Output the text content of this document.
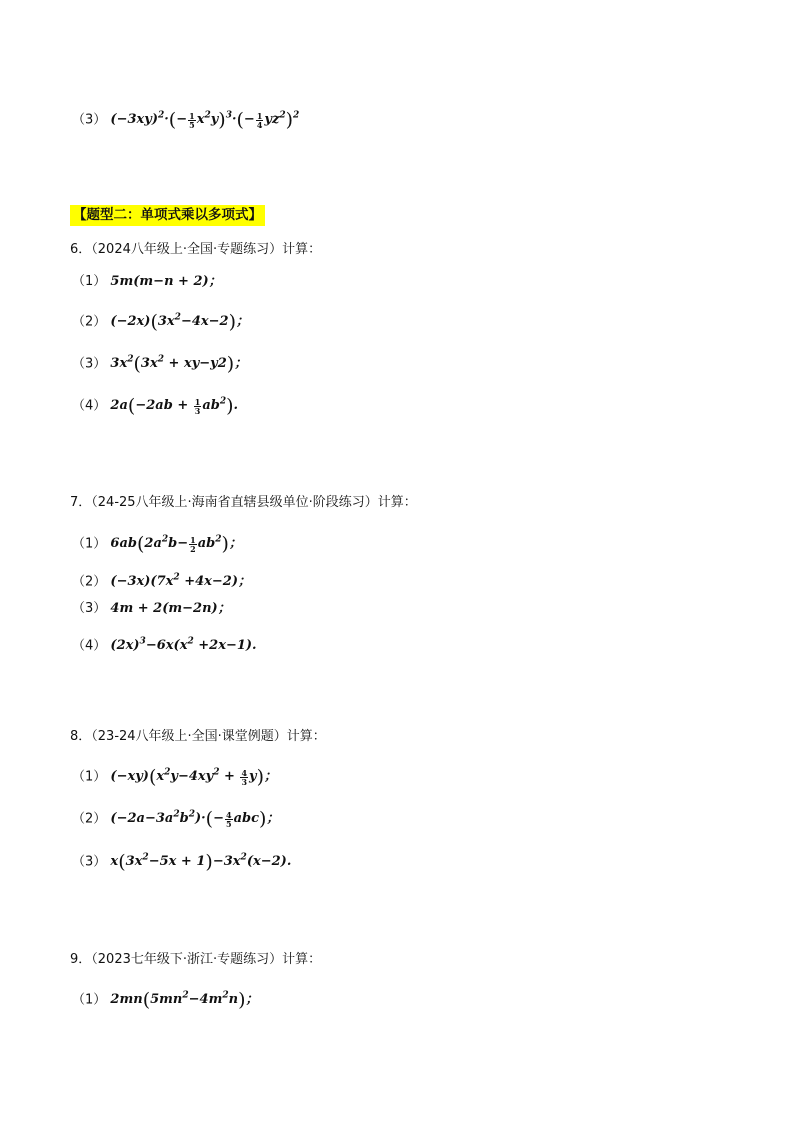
（3） $(-3xy)^2\cdot(- \frac{1}{5} x^2y)^3\cdot(- \frac{1}{4} yz^2)^2$
【题型二：单项式乘以多项式】
6．（2024八年级上·全国·专题练习）计算：
（1） 5m(m−n + 2)；
（2） $(-2x)(3x^2-4x-2)$；
（3） $3x^2(3x^2 + xy-y2)$；
（4） $2a(-2ab + \frac{1}{3} ab^2)$.
7．（24-25八年级上·海南省直辖县级单位·阶段练习）计算：
（1） $6ab(2a^2b- \frac{1}{2} ab^2)$；
（2） $(-3x)(7x^2 +4x-2)$；
（3） 4m + 2(m−2n)；
（4） $(2x)^3-6x(x^2 +2x-1)$.
8．（23-24八年级上·全国·课堂例题）计算：
（1） $(-xy)(x^2y-4xy^2 + \frac{4}{3} y)$；
（2） $(-2a-3a^2b^2)\cdot(- \frac{4}{5} abc)$；
（3） $x(3x^2-5x + 1)-3x^2(x-2)$.
9．（2023七年级下·浙江·专题练习）计算：
（1） $2mn(5mn^2-4m^2n)$；
